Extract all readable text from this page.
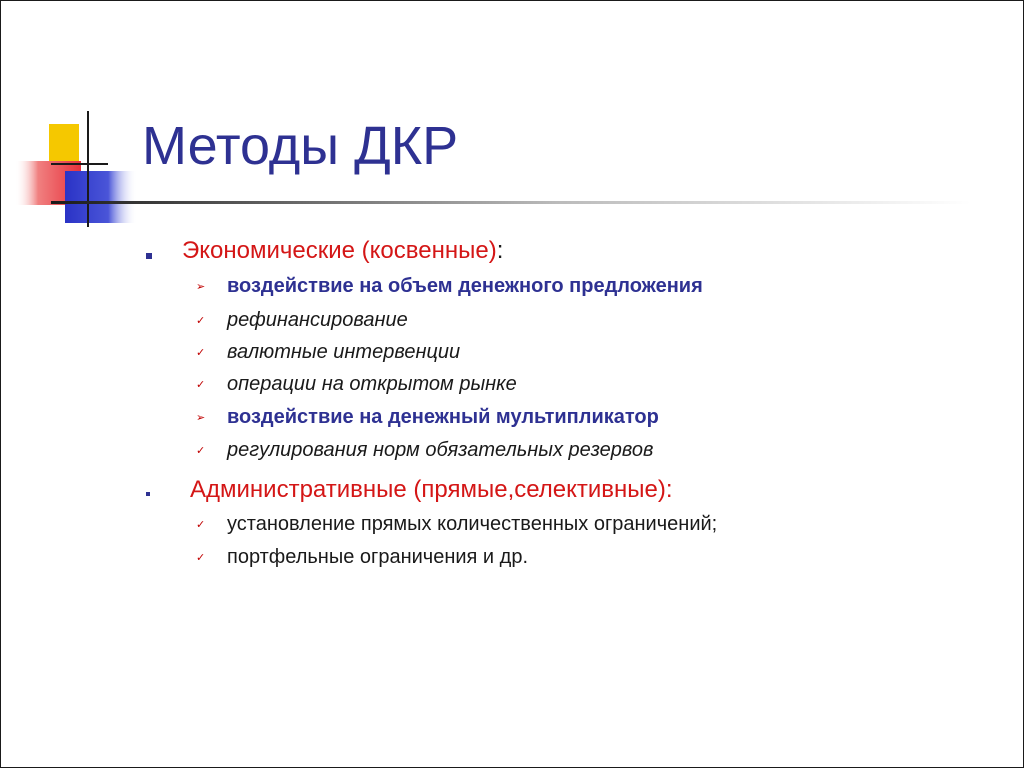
Методы ДКР
Экономические (косвенные):
➢ воздействие на объем денежного предложения
✓ рефинансирование
✓ валютные интервенции
✓ операции на открытом рынке
➢ воздействие на денежный мультипликатор
✓ регулирования норм обязательных резервов
Административные (прямые,селективные):
✓ установление прямых количественных ограничений;
✓ портфельные ограничения и др.
